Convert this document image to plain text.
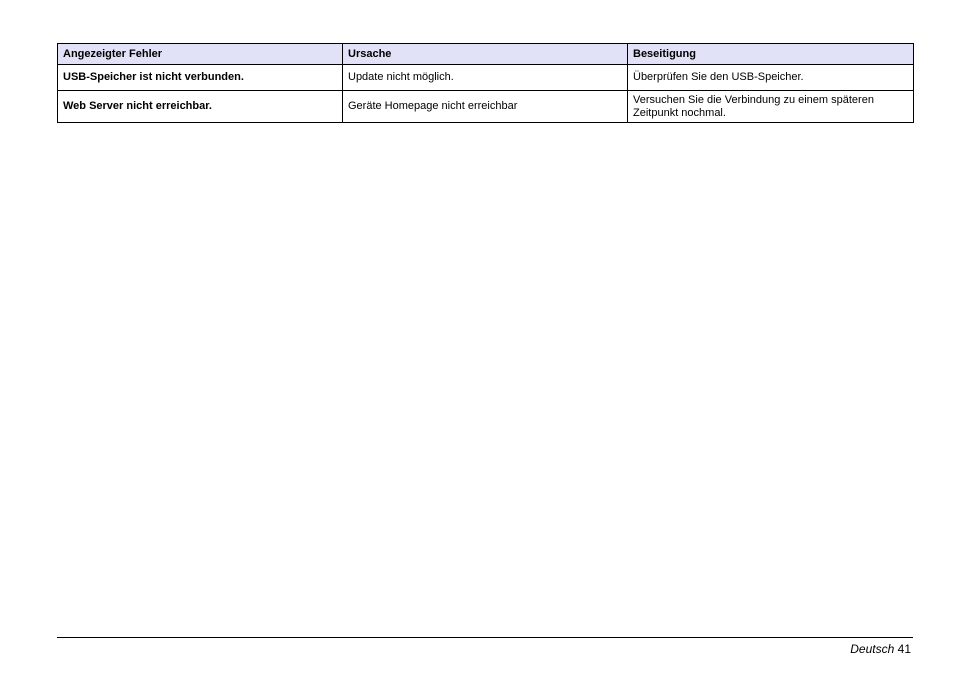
Angezeigter Fehler	Ursache	Beseitigung
USB-Speicher ist nicht verbunden.	Update nicht möglich.	Überprüfen Sie den USB-Speicher.
Web Server nicht erreichbar.	Geräte Homepage nicht erreichbar	Versuchen Sie die Verbindung zu einem späteren Zeitpunkt nochmal.
Deutsch 41
